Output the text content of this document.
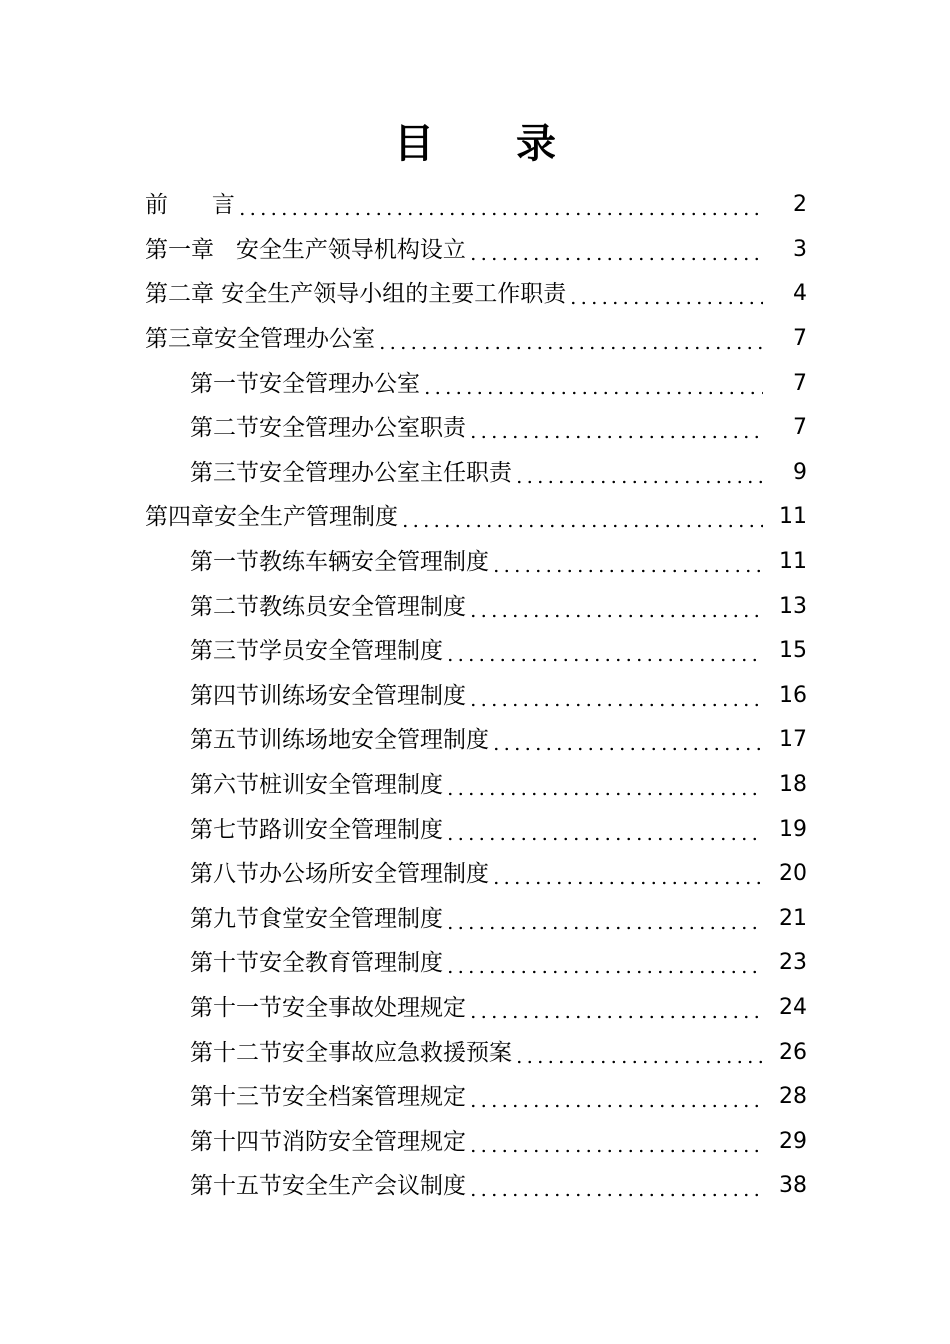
目 录
前      言	2
第一章   安全生产领导机构设立	3
第二章 安全生产领导小组的主要工作职责	4
第三章安全管理办公室	7
第一节安全管理办公室	7
第二节安全管理办公室职责	7
第三节安全管理办公室主任职责	9
第四章安全生产管理制度	11
第一节教练车辆安全管理制度	11
第二节教练员安全管理制度	13
第三节学员安全管理制度	15
第四节训练场安全管理制度	16
第五节训练场地安全管理制度	17
第六节桩训安全管理制度	18
第七节路训安全管理制度	19
第八节办公场所安全管理制度	20
第九节食堂安全管理制度	21
第十节安全教育管理制度	23
第十一节安全事故处理规定	24
第十二节安全事故应急救援预案	26
第十三节安全档案管理规定	28
第十四节消防安全管理规定	29
第十五节安全生产会议制度	38
